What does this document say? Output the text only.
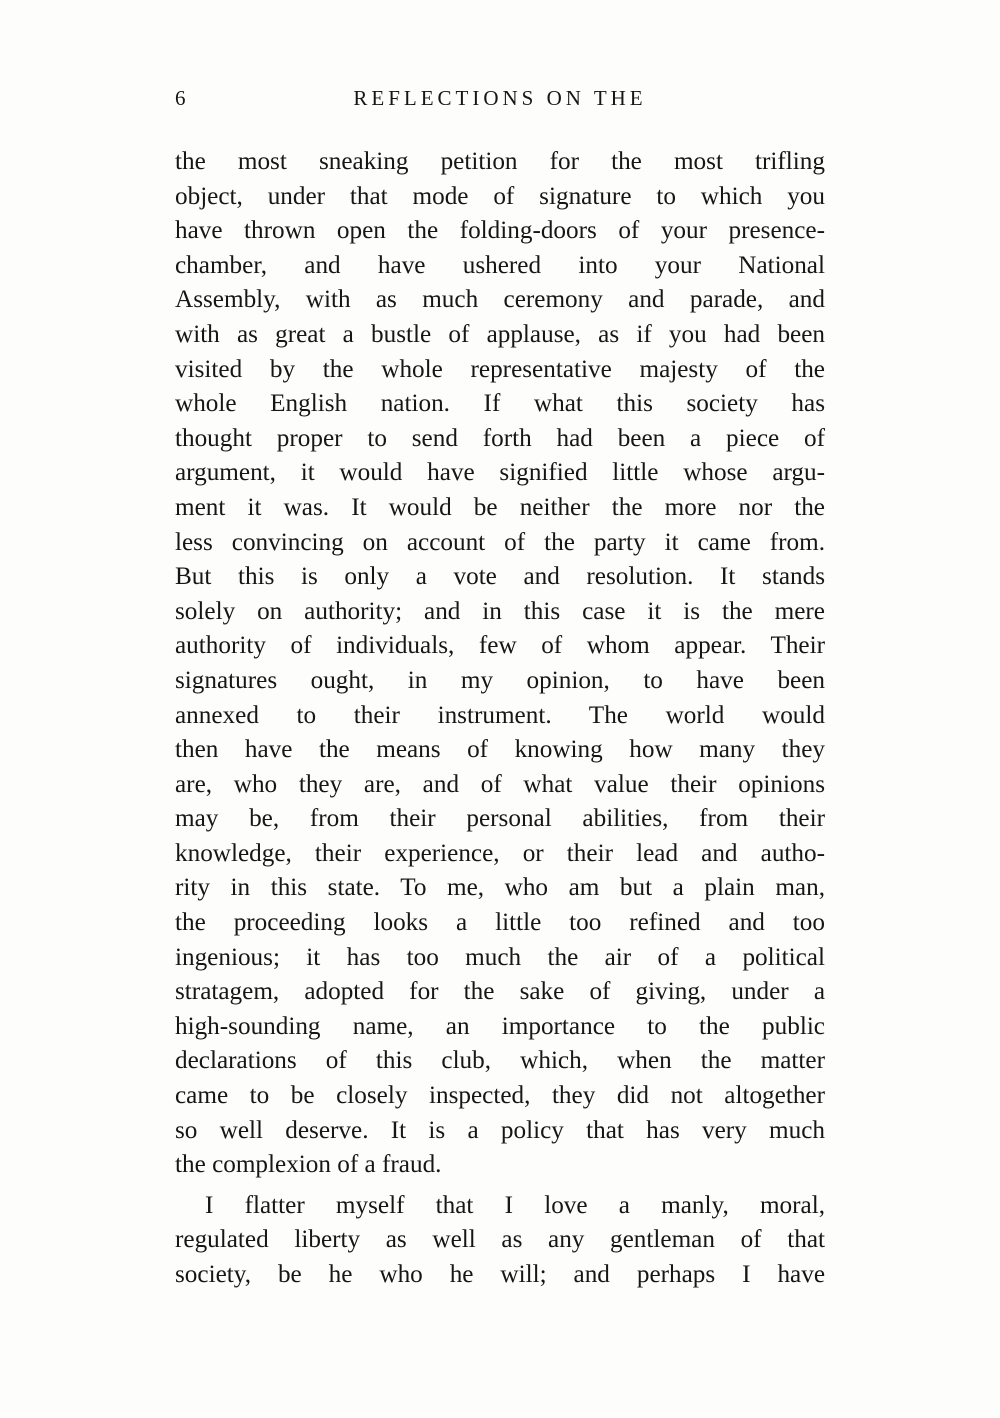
6	REFLECTIONS ON THE
the most sneaking petition for the most trifling
object, under that mode of signature to which you
have thrown open the folding-doors of your presence-
chamber, and have ushered into your National
Assembly, with as much ceremony and parade, and
with as great a bustle of applause, as if you had been
visited by the whole representative majesty of the
whole English nation. If what this society has
thought proper to send forth had been a piece of
argument, it would have signified little whose argu-
ment it was. It would be neither the more nor the
less convincing on account of the party it came from.
But this is only a vote and resolution. It stands
solely on authority; and in this case it is the mere
authority of individuals, few of whom appear. Their
signatures ought, in my opinion, to have been
annexed to their instrument. The world would
then have the means of knowing how many they
are, who they are, and of what value their opinions
may be, from their personal abilities, from their
knowledge, their experience, or their lead and autho-
rity in this state. To me, who am but a plain man,
the proceeding looks a little too refined and too
ingenious; it has too much the air of a political
stratagem, adopted for the sake of giving, under a
high-sounding name, an importance to the public
declarations of this club, which, when the matter
came to be closely inspected, they did not altogether
so well deserve. It is a policy that has very much
the complexion of a fraud.
I flatter myself that I love a manly, moral,
regulated liberty as well as any gentleman of that
society, be he who he will; and perhaps I have
